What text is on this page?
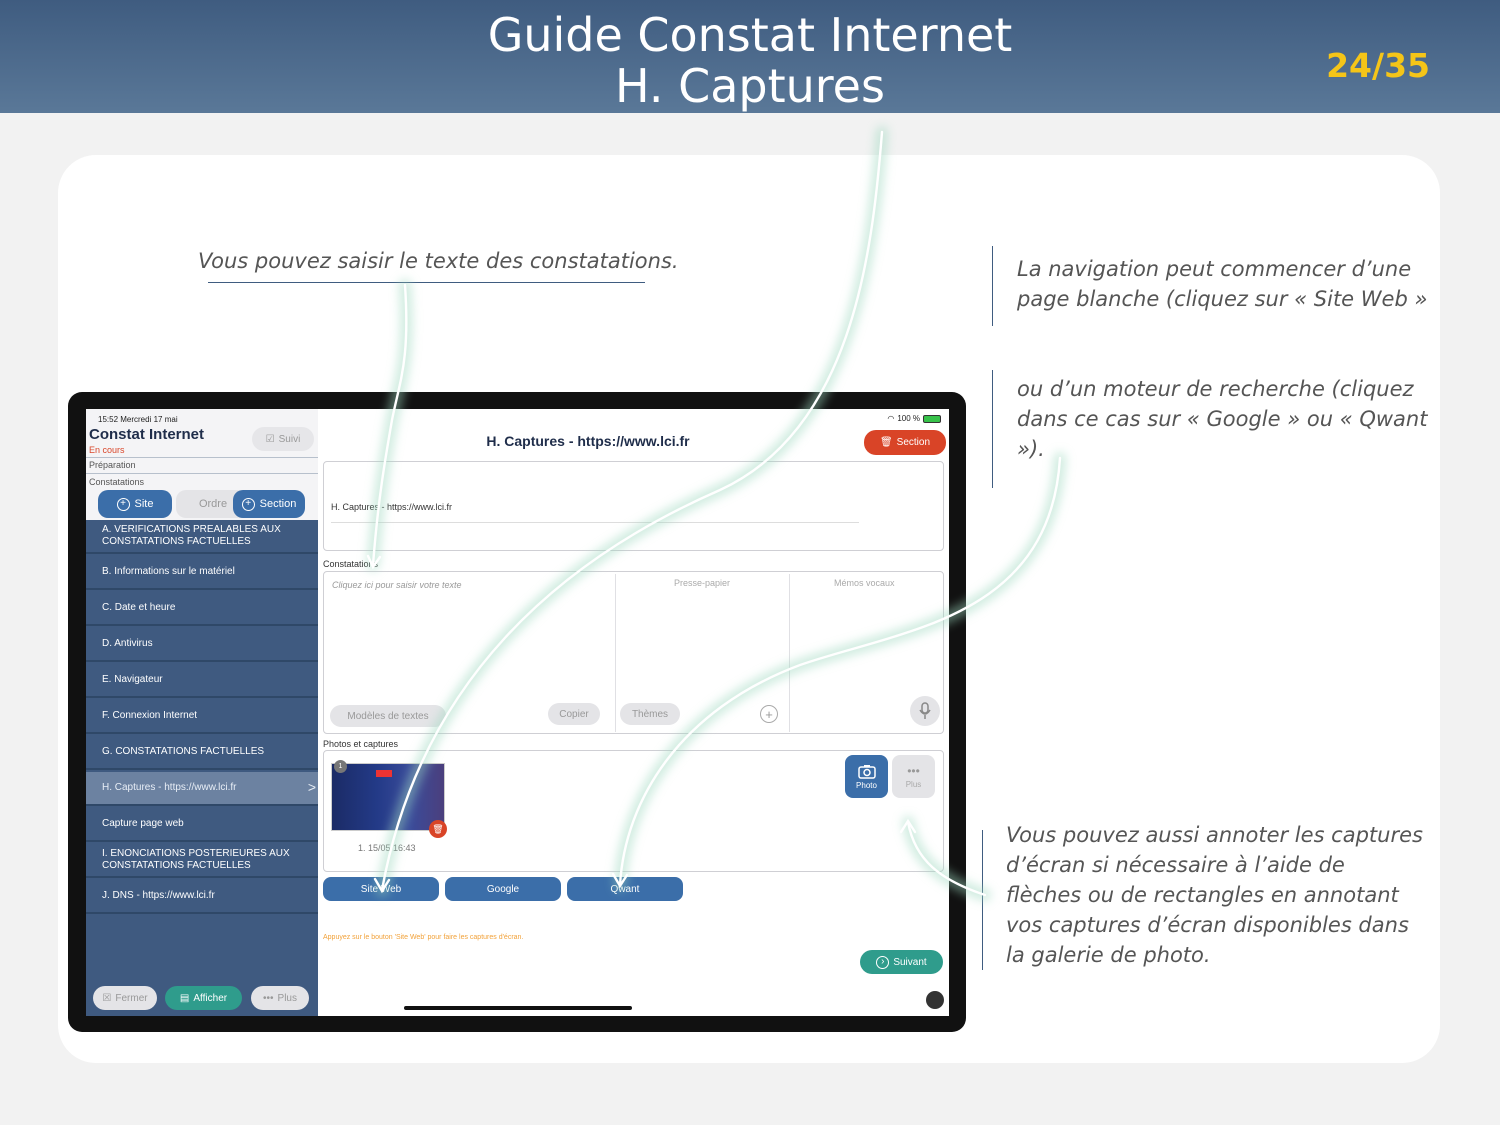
Guide Constat Internet
H. Captures	24/35
Vous pouvez saisir le texte des constatations.	La navigation peut commencer d’une page blanche (cliquez sur « Site Web »
ou d’un moteur de recherche (cliquez dans ce cas sur « Google » ou « Qwant »).
Vous pouvez aussi annoter les captures d’écran si nécessaire à l’aide de flèches ou de rectangles en annotant vos captures d’écran disponibles dans la galerie de photo.
15:52 Mercredi 17 mai
Constat Internet
En cours
☑ Suivi
Préparation
Constatations
+ Site	Ordre	+ Section
A. VERIFICATIONS PREALABLES AUX CONSTATATIONS FACTUELLES
B. Informations sur le matériel
C. Date et heure
D. Antivirus
E. Navigateur
F. Connexion Internet
G. CONSTATATIONS FACTUELLES
H. Captures - https://www.lci.fr	>
Capture page web
I. ENONCIATIONS POSTERIEURES AUX CONSTATATIONS FACTUELLES
J. DNS - https://www.lci.fr
☒ Fermer	▤ Afficher	••• Plus
◠ 100 %
H. Captures - https://www.lci.fr	🗑 Section
H. Captures - https://www.lci.fr
Constatations
Cliquez ici pour saisir votre texte	Presse-papier	Mémos vocaux
Modèles de textes	Copier	Thèmes	+
Photos et captures
1
🗑
1. 15/05 16:43
Photo
•••
Plus
Site Web	Google	Qwant
Appuyez sur le bouton 'Site Web' pour faire les captures d'écran.
› Suivant
